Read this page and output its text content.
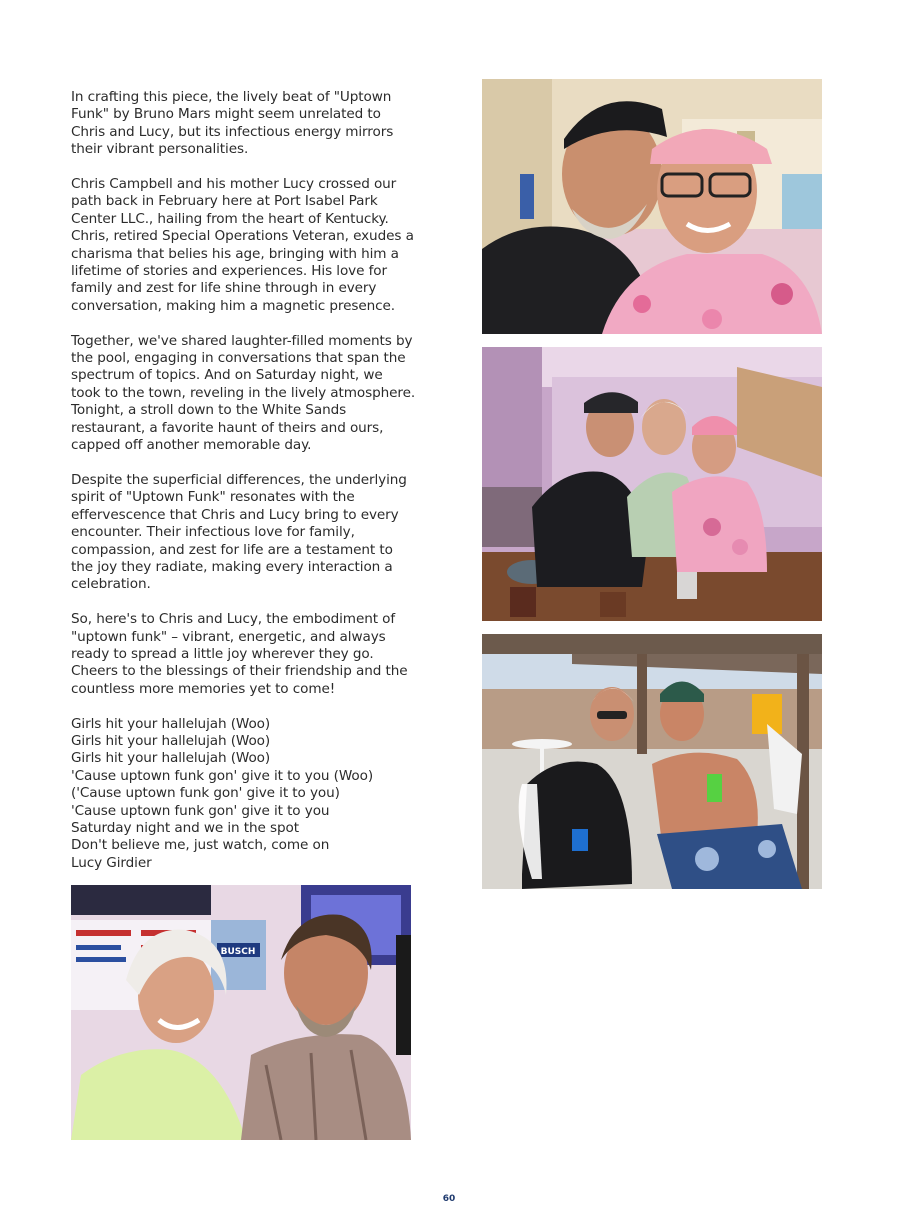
In crafting this piece, the lively beat of "Uptown Funk" by Bruno Mars might seem unrelated to Chris and Lucy, but its infectious energy mirrors their vibrant personalities.

Chris Campbell and his mother Lucy crossed our path back in February here at Port Isabel Park Center LLC., hailing from the heart of Kentucky. Chris, retired Special Operations Veteran, exudes a charisma that belies his age, bringing with him a lifetime of stories and experiences. His love for family and zest for life shine through in every conversation, making him a magnetic presence.

Together, we've shared laughter-filled moments by the pool, engaging in conversations that span the spectrum of topics. And on Saturday night, we took to the town, reveling in the lively atmosphere. Tonight, a stroll down to the White Sands restaurant, a favorite haunt of theirs and ours, capped off another memorable day.

Despite the superficial differences, the underlying spirit of "Uptown Funk" resonates with the effervescence that Chris and Lucy bring to every encounter. Their infectious love for family, compassion, and zest for life are a testament to the joy they radiate, making every interaction a celebration.

So, here's to Chris and Lucy, the embodiment of "uptown funk" – vibrant, energetic, and always ready to spread a little joy wherever they go. Cheers to the blessings of their friendship and the countless more memories yet to come!

Girls hit your hallelujah (Woo)
Girls hit your hallelujah (Woo)
Girls hit your hallelujah (Woo)
'Cause uptown funk gon' give it to you (Woo)
('Cause uptown funk gon' give it to you)
'Cause uptown funk gon' give it to you
Saturday night and we in the spot
Don't believe me, just watch, come on
Lucy Girdier
BUSCH
60
